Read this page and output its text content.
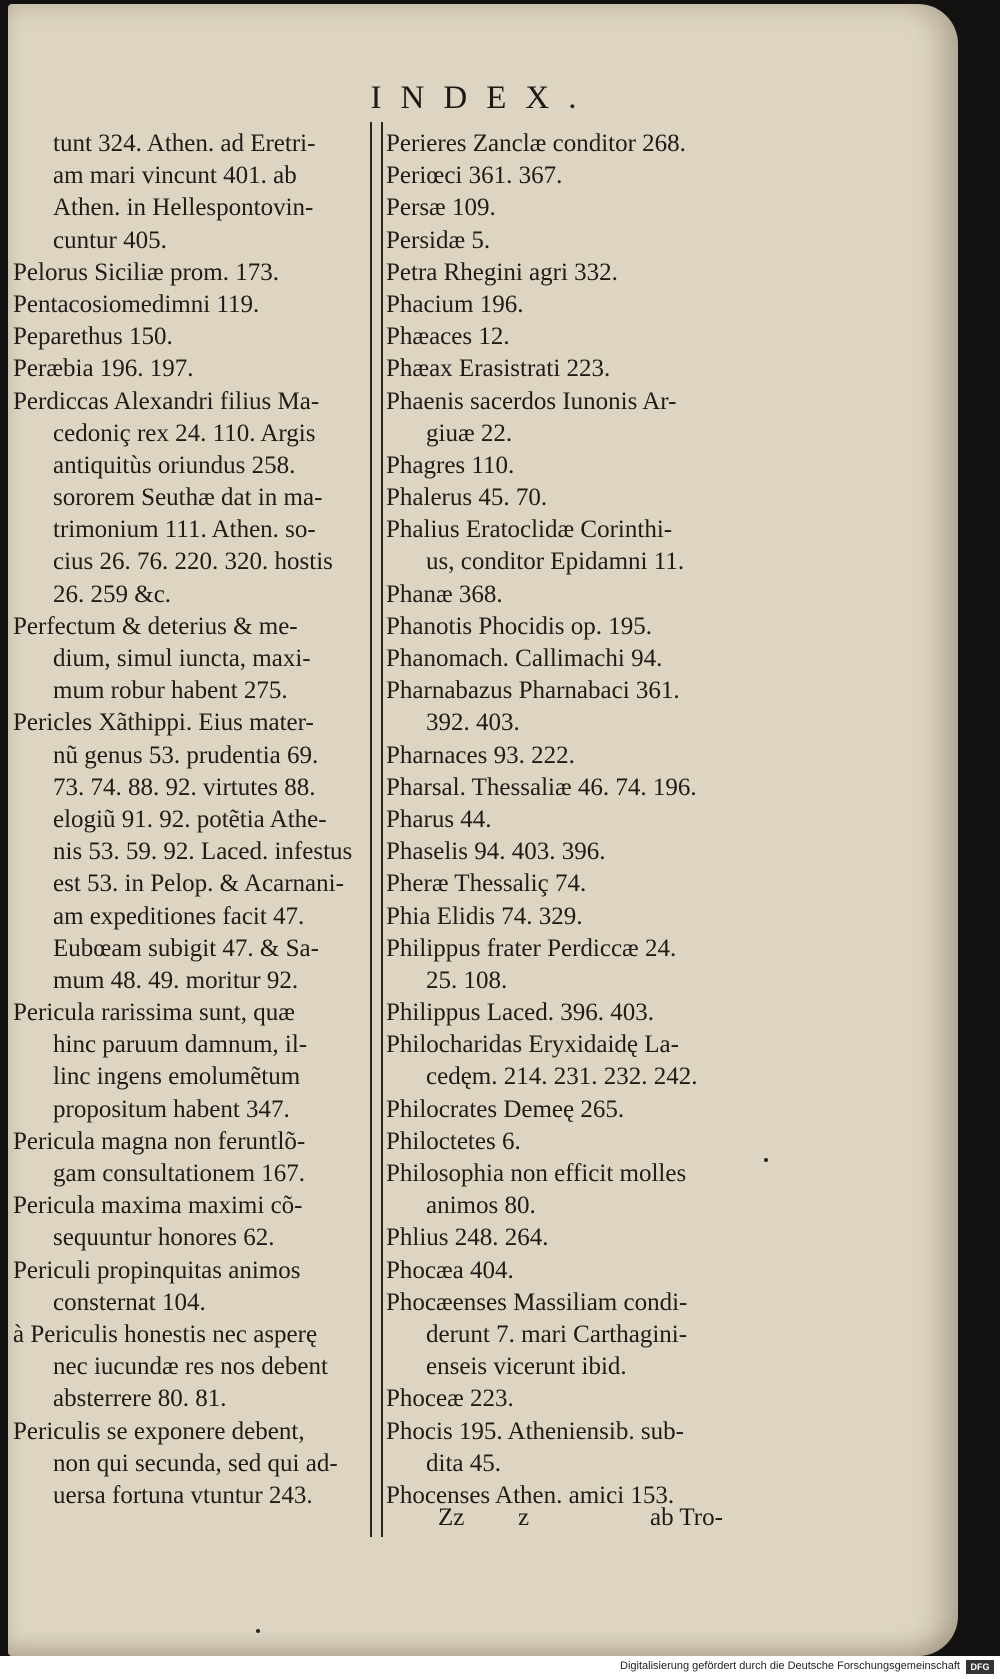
INDEX.
tunt 324. Athen. ad Eretri-
am mari vincunt 401. ab
Athen. in Hellespontovin-
cuntur 405.
Pelorus Siciliæ prom. 173.
Pentacosiomedimni 119.
Peparethus 150.
Peræbia 196. 197.
Perdiccas Alexandri filius Ma-
cedoniç rex 24. 110. Argis
antiquitùs oriundus 258.
sororem Seuthæ dat in ma-
trimonium 111. Athen. so-
cius 26. 76. 220. 320. hostis
26. 259 &c.
Perfectum & deterius & me-
dium, simul iuncta, maxi-
mum robur habent 275.
Pericles Xãthippi. Eius mater-
nũ genus 53. prudentia 69.
73. 74. 88. 92. virtutes 88.
elogiũ 91. 92. potẽtia Athe-
nis 53. 59. 92. Laced. infestus
est 53. in Pelop. & Acarnani-
am expeditiones facit 47.
Eubœam subigit 47. & Sa-
mum 48. 49. moritur 92.
Pericula rarissima sunt, quæ
hinc paruum damnum, il-
linc ingens emolumẽtum
propositum habent 347.
Pericula magna non feruntlõ-
gam consultationem 167.
Pericula maxima maximi cõ-
sequuntur honores 62.
Periculi propinquitas animos
consternat 104.
à Periculis honestis nec asperę
nec iucundæ res nos debent
absterrere 80. 81.
Periculis se exponere debent,
non qui secunda, sed qui ad-
uersa fortuna vtuntur 243.
Perieres Zanclæ conditor 268.
Periœci 361. 367.
Persæ 109.
Persidæ 5.
Petra Rhegini agri 332.
Phacium 196.
Phæaces 12.
Phæax Erasistrati 223.
Phaenis sacerdos Iunonis Ar-
giuæ 22.
Phagres 110.
Phalerus 45. 70.
Phalius Eratoclidæ Corinthi-
us, conditor Epidamni 11.
Phanæ 368.
Phanotis Phocidis op. 195.
Phanomach. Callimachi 94.
Pharnabazus Pharnabaci 361.
392. 403.
Pharnaces 93. 222.
Pharsal. Thessaliæ 46. 74. 196.
Pharus 44.
Phaselis 94. 403. 396.
Pheræ Thessaliç 74.
Phia Elidis 74. 329.
Philippus frater Perdiccæ 24.
25. 108.
Philippus Laced. 396. 403.
Philocharidas Eryxidaidę La-
cedęm. 214. 231. 232. 242.
Philocrates Demeę 265.
Philoctetes 6.
Philosophia non efficit molles
animos 80.
Phlius 248. 264.
Phocæa 404.
Phocæenses Massiliam condi-
derunt 7. mari Carthagini-
enseis vicerunt ibid.
Phoceæ 223.
Phocis 195. Atheniensib. sub-
dita 45.
Phocenses Athen. amici 153.
Zz z	ab Tro-
Digitalisierung gefördert durch die Deutsche Forschungsgemeinschaft	DFG
